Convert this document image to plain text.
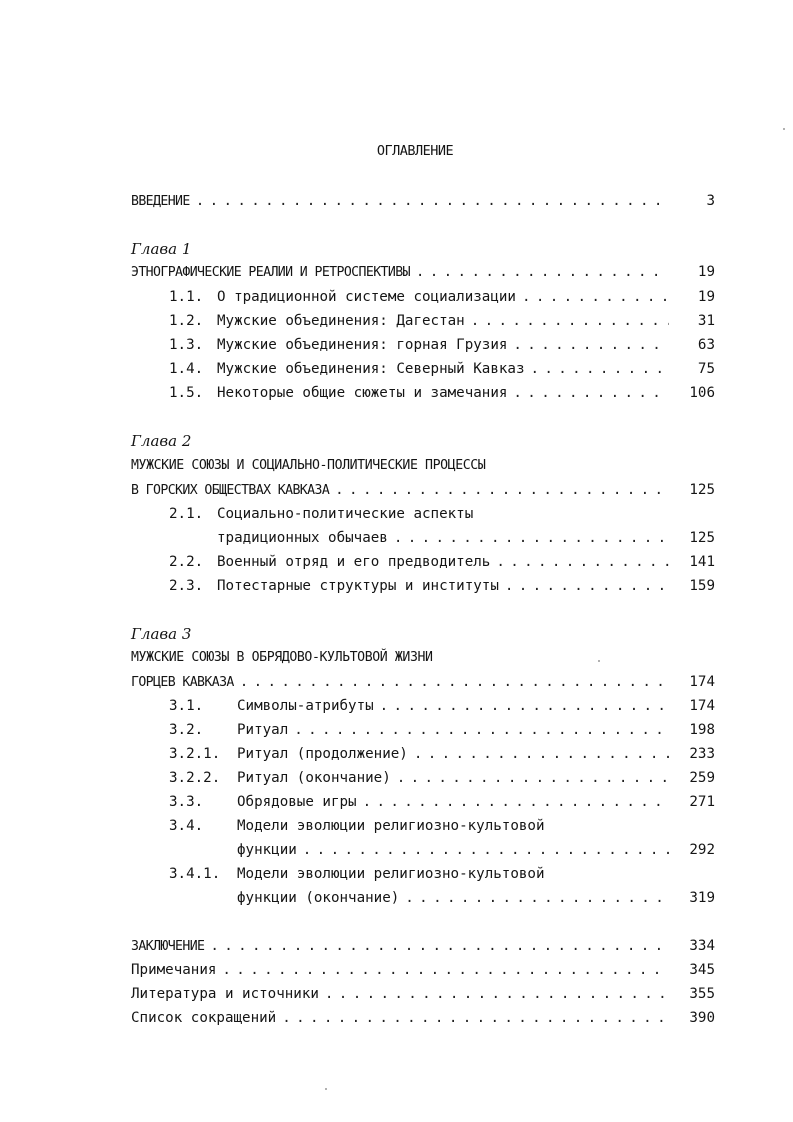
ОГЛАВЛЕНИЕ
ВВЕДЕНИЕ . . .	3
Глава 1
ЭТНОГРАФИЧЕСКИЕ РЕАЛИИ И РЕТРОСПЕКТИВЫ . . .	19
1.1. О традиционной системе социализации . . .	19
1.2. Мужские объединения: Дагестан . . .	31
1.3. Мужские объединения: горная Грузия . . .	63
1.4. Мужские объединения: Северный Кавказ . . .	75
1.5. Некоторые общие сюжеты и замечания . . .	106
Глава 2
МУЖСКИЕ СОЮЗЫ И СОЦИАЛЬНО-ПОЛИТИЧЕСКИЕ ПРОЦЕССЫ
В ГОРСКИХ ОБЩЕСТВАХ КАВКАЗА . . .	125
2.1. Социально-политические аспекты
традиционных обычаев . . .	125
2.2. Военный отряд и его предводитель . . .	141
2.3. Потестарные структуры и институты . . .	159
Глава 3
МУЖСКИЕ СОЮЗЫ В ОБРЯДОВО-КУЛЬТОВОЙ ЖИЗНИ
ГОРЦЕВ КАВКАЗА . . .	174
3.1.	Символы-атрибуты . . .	174
3.2.	Ритуал . . .	198
3.2.1.	Ритуал (продолжение) . . .	233
3.2.2.	Ритуал (окончание) . . .	259
3.3.	Обрядовые игры . . .	271
3.4. Модели эволюции религиозно-культовой
функции . . .	292
3.4.1. Модели эволюции религиозно-культовой
функции (окончание) . . .	319
ЗАКЛЮЧЕНИЕ . . .	334
Примечания . . .	345
Литература и источники . . .	355
Список сокращений . . .	390
